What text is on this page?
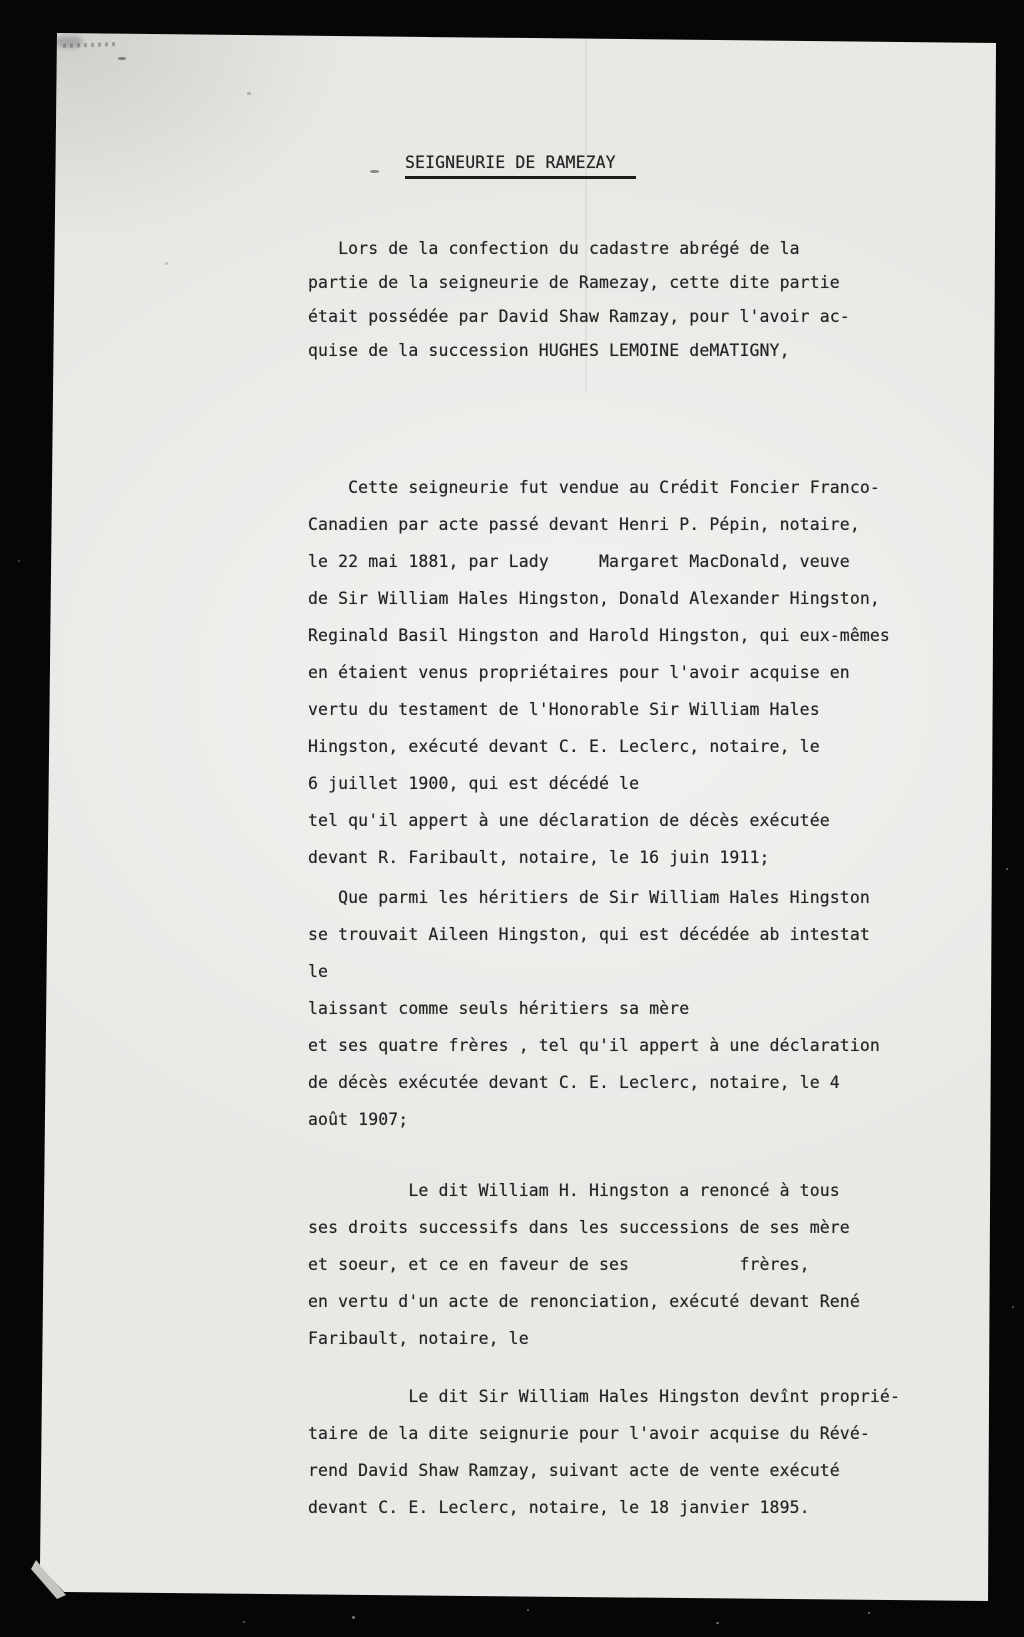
SEIGNEURIE DE RAMEZAY
Lors de la confection du cadastre abrégé de la
partie de la seigneurie de Ramezay, cette dite partie
était possédée par David Shaw Ramzay, pour l'avoir ac-
quise de la succession HUGHES LEMOINE deMATIGNY,
Cette seigneurie fut vendue au Crédit Foncier Franco-
Canadien par acte passé devant Henri P. Pépin, notaire,
le 22 mai 1881, par Lady     Margaret MacDonald, veuve
de Sir William Hales Hingston, Donald Alexander Hingston,
Reginald Basil Hingston and Harold Hingston, qui eux-mêmes
en étaient venus propriétaires pour l'avoir acquise en
vertu du testament de l'Honorable Sir William Hales
Hingston, exécuté devant C. E. Leclerc, notaire, le
6 juillet 1900, qui est décédé le
tel qu'il appert à une déclaration de décès exécutée
devant R. Faribault, notaire, le 16 juin 1911;
Que parmi les héritiers de Sir William Hales Hingston
se trouvait Aileen Hingston, qui est décédée ab intestat
le
laissant comme seuls héritiers sa mère
et ses quatre frères , tel qu'il appert à une déclaration
de décès exécutée devant C. E. Leclerc, notaire, le 4
août 1907;
Le dit William H. Hingston a renoncé à tous
ses droits successifs dans les successions de ses mère
et soeur, et ce en faveur de ses           frères,
en vertu d'un acte de renonciation, exécuté devant René
Faribault, notaire, le
Le dit Sir William Hales Hingston devînt proprié-
taire de la dite seignurie pour l'avoir acquise du Révé-
rend David Shaw Ramzay, suivant acte de vente exécuté
devant C. E. Leclerc, notaire, le 18 janvier 1895.
